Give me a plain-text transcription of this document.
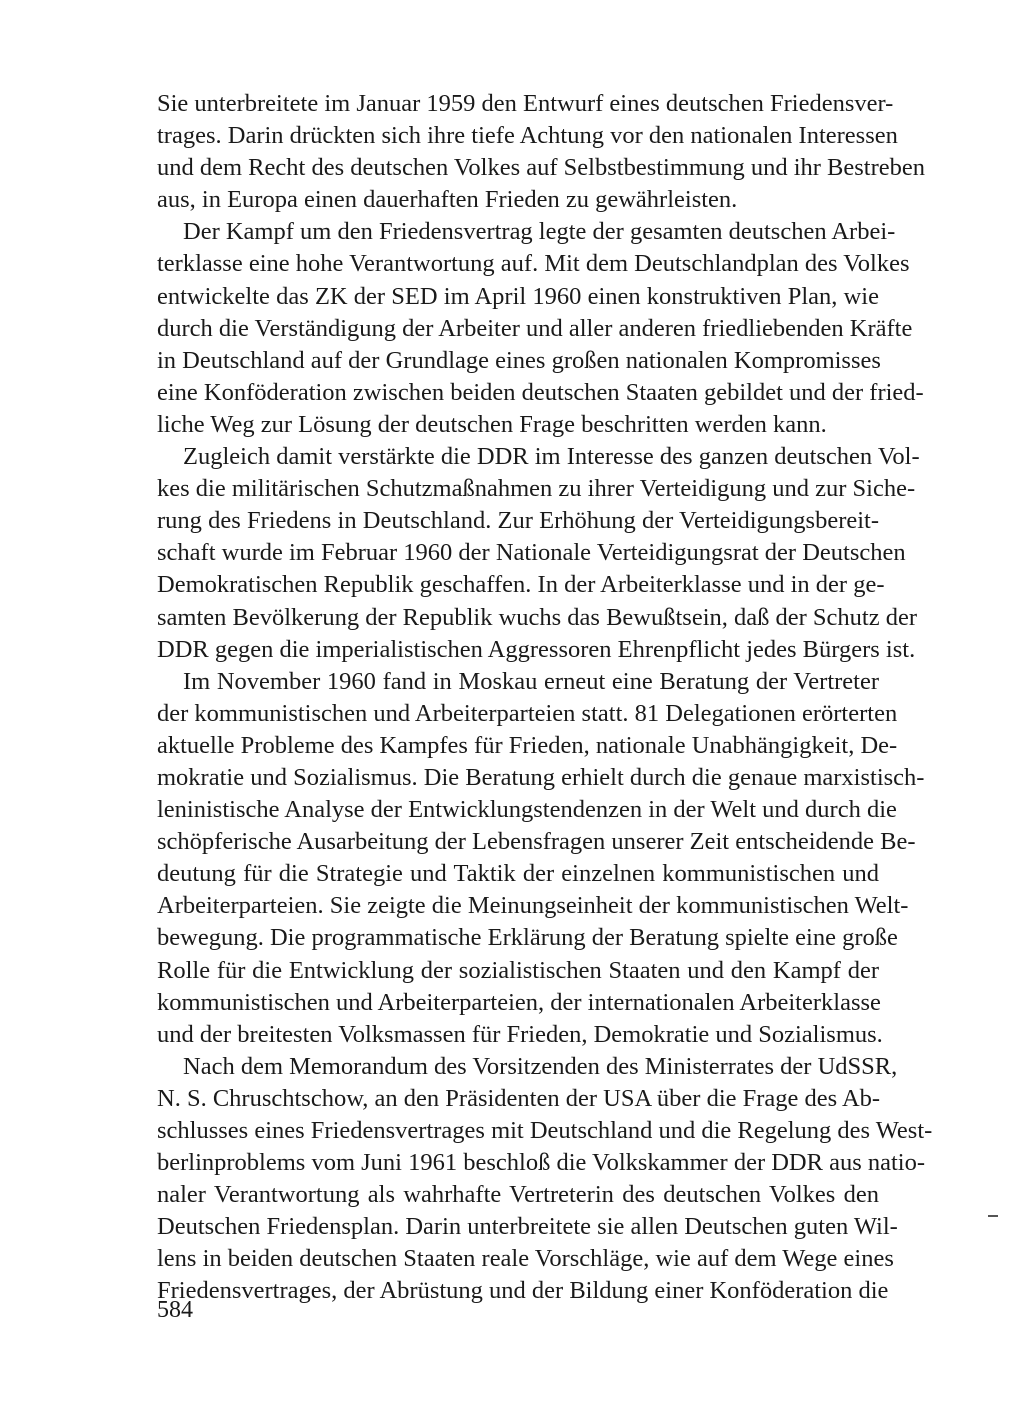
Sie unterbreitete im Januar 1959 den Entwurf eines deutschen Friedensver-
trages. Darin drückten sich ihre tiefe Achtung vor den nationalen Interessen
und dem Recht des deutschen Volkes auf Selbstbestimmung und ihr Bestreben
aus, in Europa einen dauerhaften Frieden zu gewährleisten.

Der Kampf um den Friedensvertrag legte der gesamten deutschen Arbei-
terklasse eine hohe Verantwortung auf. Mit dem Deutschlandplan des Volkes
entwickelte das ZK der SED im April 1960 einen konstruktiven Plan, wie
durch die Verständigung der Arbeiter und aller anderen friedliebenden Kräfte
in Deutschland auf der Grundlage eines großen nationalen Kompromisses
eine Konföderation zwischen beiden deutschen Staaten gebildet und der fried-
liche Weg zur Lösung der deutschen Frage beschritten werden kann.

Zugleich damit verstärkte die DDR im Interesse des ganzen deutschen Vol-
kes die militärischen Schutzmaßnahmen zu ihrer Verteidigung und zur Siche-
rung des Friedens in Deutschland. Zur Erhöhung der Verteidigungsbereit-
schaft wurde im Februar 1960 der Nationale Verteidigungsrat der Deutschen
Demokratischen Republik geschaffen. In der Arbeiterklasse und in der ge-
samten Bevölkerung der Republik wuchs das Bewußtsein, daß der Schutz der
DDR gegen die imperialistischen Aggressoren Ehrenpflicht jedes Bürgers ist.

Im November 1960 fand in Moskau erneut eine Beratung der Vertreter
der kommunistischen und Arbeiterparteien statt. 81 Delegationen erörterten
aktuelle Probleme des Kampfes für Frieden, nationale Unabhängigkeit, De-
mokratie und Sozialismus. Die Beratung erhielt durch die genaue marxistisch-
leninistische Analyse der Entwicklungstendenzen in der Welt und durch die
schöpferische Ausarbeitung der Lebensfragen unserer Zeit entscheidende Be-
deutung für die Strategie und Taktik der einzelnen kommunistischen und
Arbeiterparteien. Sie zeigte die Meinungseinheit der kommunistischen Welt-
bewegung. Die programmatische Erklärung der Beratung spielte eine große
Rolle für die Entwicklung der sozialistischen Staaten und den Kampf der
kommunistischen und Arbeiterparteien, der internationalen Arbeiterklasse
und der breitesten Volksmassen für Frieden, Demokratie und Sozialismus.

Nach dem Memorandum des Vorsitzenden des Ministerrates der UdSSR,
N. S. Chruschtschow, an den Präsidenten der USA über die Frage des Ab-
schlusses eines Friedensvertrages mit Deutschland und die Regelung des West-
berlinproblems vom Juni 1961 beschloß die Volkskammer der DDR aus natio-
naler Verantwortung als wahrhafte Vertreterin des deutschen Volkes den
Deutschen Friedensplan. Darin unterbreitete sie allen Deutschen guten Wil-
lens in beiden deutschen Staaten reale Vorschläge, wie auf dem Wege eines
Friedensvertrages, der Abrüstung und der Bildung einer Konföderation die

584
